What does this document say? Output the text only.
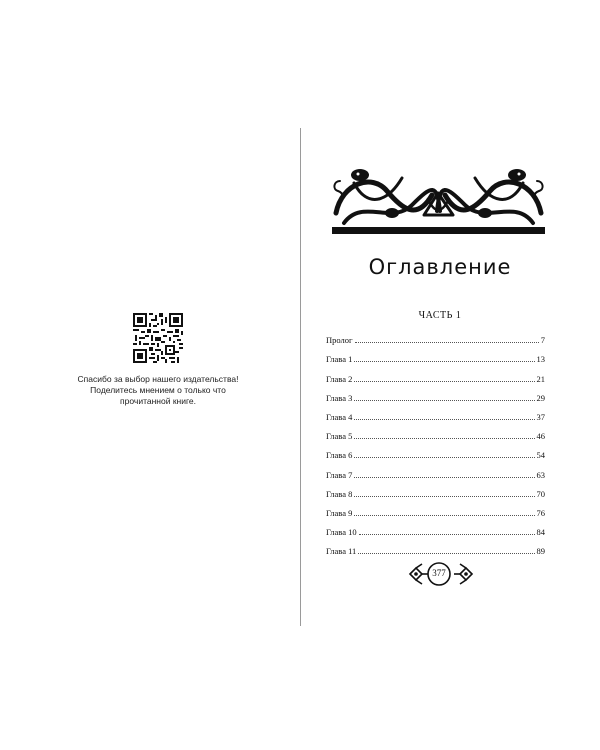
Спасибо за выбор нашего издательства!
Поделитесь мнением о только что
прочитанной книге.
Оглавление
ЧАСТЬ 1
Пролог	7
Глава 1	13
Глава 2	21
Глава 3	29
Глава 4	37
Глава 5	46
Глава 6	54
Глава 7	63
Глава 8	70
Глава 9	76
Глава 10	84
Глава 11	89
377
